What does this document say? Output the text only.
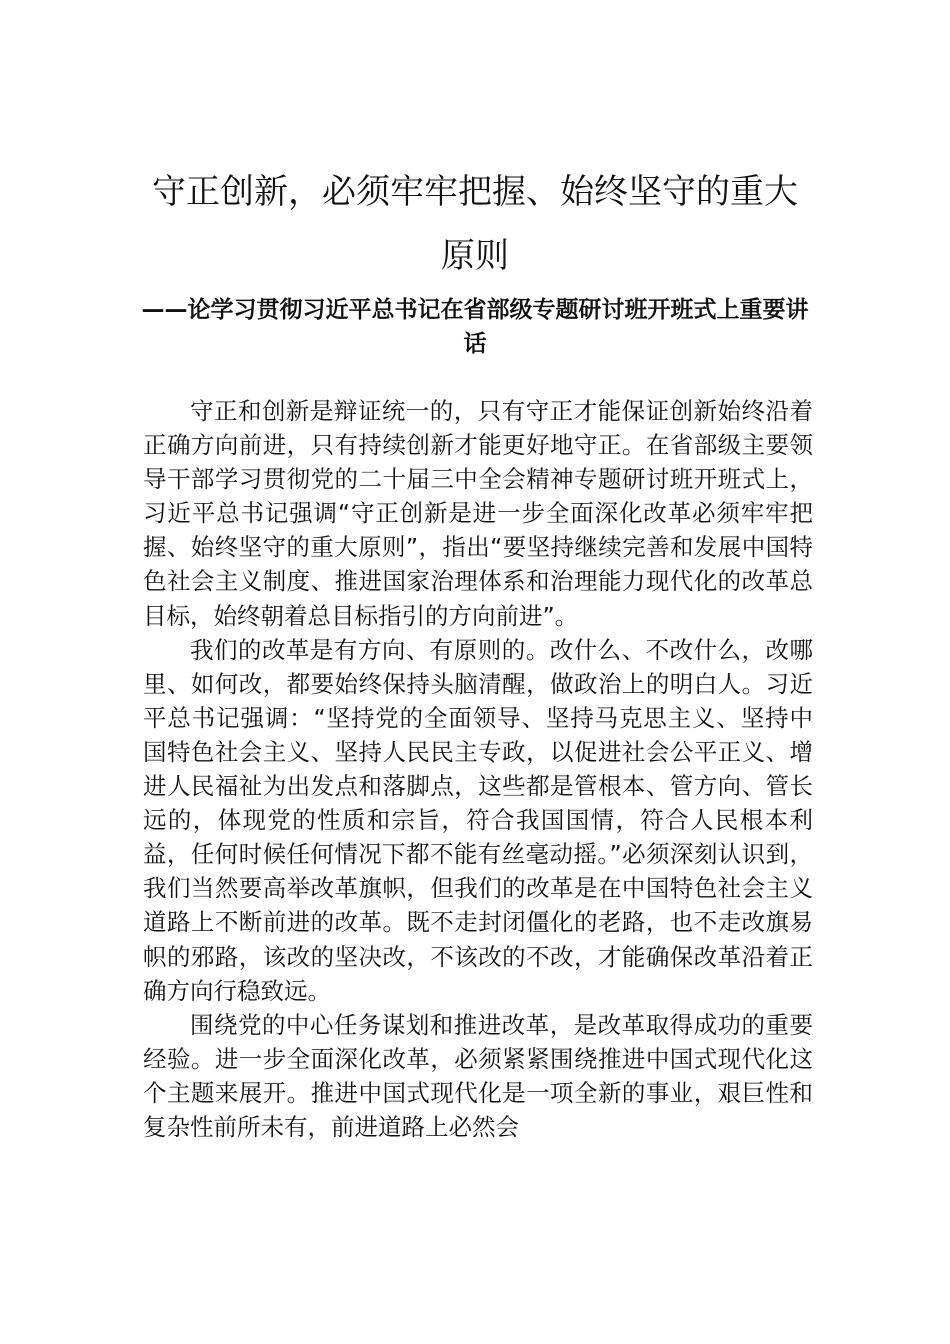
守正创新，必须牢牢把握、始终坚守的重大原则
——论学习贯彻习近平总书记在省部级专题研讨班开班式上重要讲话

守正和创新是辩证统一的，只有守正才能保证创新始终沿着正确方向前进，只有持续创新才能更好地守正。在省部级主要领导干部学习贯彻党的二十届三中全会精神专题研讨班开班式上，习近平总书记强调“守正创新是进一步全面深化改革必须牢牢把握、始终坚守的重大原则”，指出“要坚持继续完善和发展中国特色社会主义制度、推进国家治理体系和治理能力现代化的改革总目标，始终朝着总目标指引的方向前进”。

我们的改革是有方向、有原则的。改什么、不改什么，改哪里、如何改，都要始终保持头脑清醒，做政治上的明白人。习近平总书记强调：“坚持党的全面领导、坚持马克思主义、坚持中国特色社会主义、坚持人民民主专政，以促进社会公平正义、增进人民福祉为出发点和落脚点，这些都是管根本、管方向、管长远的，体现党的性质和宗旨，符合我国国情，符合人民根本利益，任何时候任何情况下都不能有丝毫动摇。”必须深刻认识到，我们当然要高举改革旗帜，但我们的改革是在中国特色社会主义道路上不断前进的改革。既不走封闭僵化的老路，也不走改旗易帜的邪路，该改的坚决改，不该改的不改，才能确保改革沿着正确方向行稳致远。

围绕党的中心任务谋划和推进改革，是改革取得成功的重要经验。进一步全面深化改革，必须紧紧围绕推进中国式现代化这个主题来展开。推进中国式现代化是一项全新的事业，艰巨性和复杂性前所未有，前进道路上必然会
